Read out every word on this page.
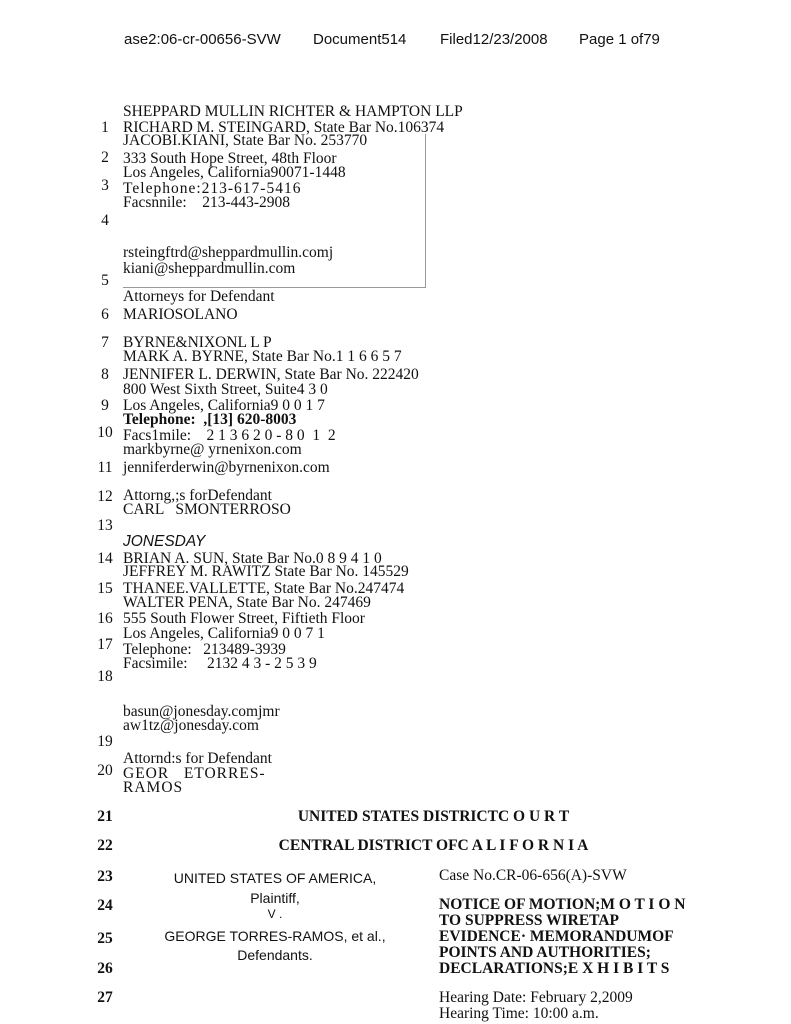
ase2:06-cr-00656-SVW Document514 Filed12/23/2008 Page 1 of79
1
2
3
4
5
6
7
8
9
10
11
12
13
14
15
16
17
18
19
20
21
22
23
24
25
26
27
SHEPPARD MULLIN RICHTER & HAMPTON LLP
RICHARD M. STEINGARD, State Bar No.106374
JACOBI.KIANI, State Bar No. 253770
333 South Hope Street, 48th Floor
Los Angeles, California90071-1448
Telephone:213-617-5416
Facsnnile:    213-443-2908
rsteingftrd@sheppardmullin.comj
kiani@sheppardmullin.com
Attorneys for Defendant
MARIOSOLANO
BYRNE&NIXONL L P
MARK A. BYRNE, State Bar No.1 1 6 6 5 7
JENNIFER L. DERWIN, State Bar No. 222420
800 West Sixth Street, Suite4 3 0
Los Angeles, California9 0 0 1 7
Telephone:  ,[13] 620-8003
Facs1mile:    2 1 3 6 2 0 - 8 0  1  2
markbyrne@ yrnenixon.com
jenniferderwin@byrnenixon.com
Attorng,;s forDefendant
CARL   SMONTERROSO
JONESDAY
BRIAN A. SUN, State Bar No.0 8 9 4 1 0
JEFFREY M. RAWITZ State Bar No. 145529
THANEE.VALLETTE, State Bar No.247474
WALTER PENA, State Bar No. 247469
555 South Flower Street, Fiftieth Floor
Los Angeles, California9 0 0 7 1
Telephone:   213489-3939
Facsimile:     2132 4 3 - 2 5 3 9
basun@jonesday.comjmr
aw1tz@jonesday.com
Attornd:s for Defendant
GEOR   ETORRES-
RAMOS
UNITED STATES DISTRICTC O U R T
CENTRAL DISTRICT OFC A L I F O R N I A
UNITED STATES OF AMERICA,
Plaintiff,
V .
GEORGE TORRES-RAMOS, et al.,
Defendants.
Case No.CR-06-656(A)-SVW
NOTICE OF MOTION;M O T I O N
TO SUPPRESS WIRETAP
EVIDENCE· MEMORANDUMOF
POINTS AND AUTHORITIES;
DECLARATIONS;E X H I B I T S
Hearing Date: February 2,2009
Hearing Time: 10:00 a.m.
